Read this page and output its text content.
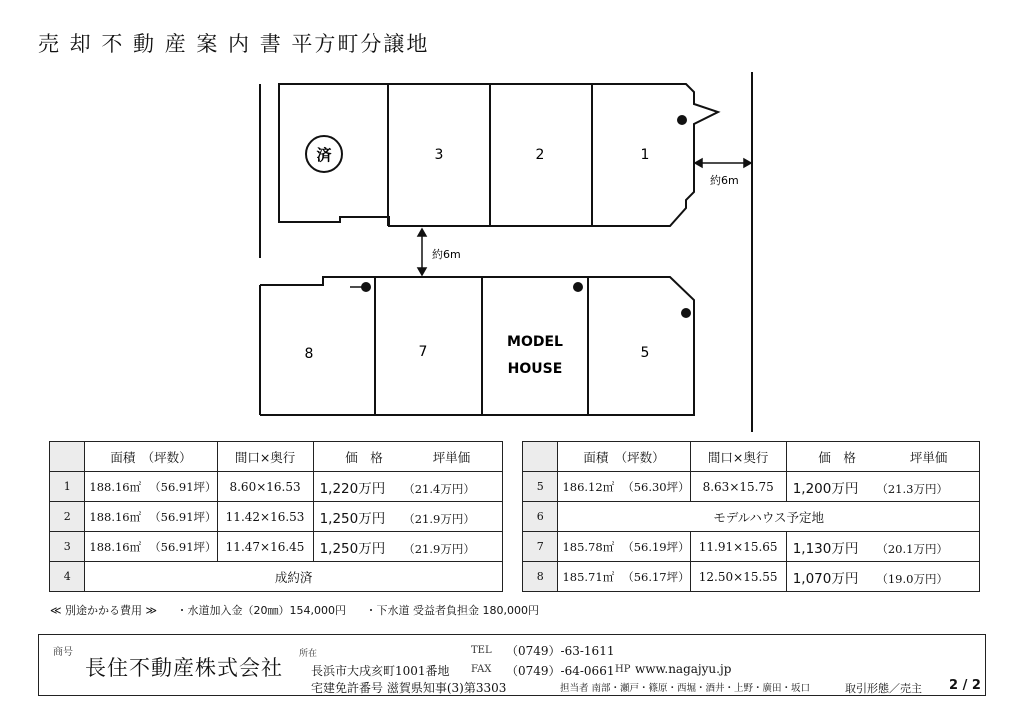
売 却 不 動 産 案 内 書 平方町分譲地
済	3	2	1
8	7
MODEL
HOUSE
5
約6m
約6m
	面積　（坪数）	間口×奥行	価　格 坪単価
1	188.16㎡ （56.91坪）	8.60×16.53	1,220万円 （21.4万円）
2	188.16㎡ （56.91坪）	11.42×16.53	1,250万円 （21.9万円）
3	188.16㎡ （56.91坪）	11.47×16.45	1,250万円 （21.9万円）
4	成約済		
	面積　（坪数）	間口×奥行	価　格 坪単価
5	186.12㎡ （56.30坪）	8.63×15.75	1,200万円 （21.3万円）
6	モデルハウス予定地		
7	185.78㎡ （56.19坪）	11.91×15.65	1,130万円 （20.1万円）
8	185.71㎡ （56.17坪）	12.50×15.55	1,070万円 （19.0万円）
≪ 別途かかる費用 ≫ ・水道加入金（20㎜）154,000円 ・下水道 受益者負担金 180,000円
商号
長住不動産株式会社
所在
長浜市大戌亥町1001番地
宅建免許番号 滋賀県知事(3)第3303
TEL （0749）-63-1611
FAX （0749）-64-0661 HP www.nagajyu.jp
担当者 南部・瀬戸・篠原・西堀・酒井・上野・廣田・坂口	取引形態／売主 2 / 2
